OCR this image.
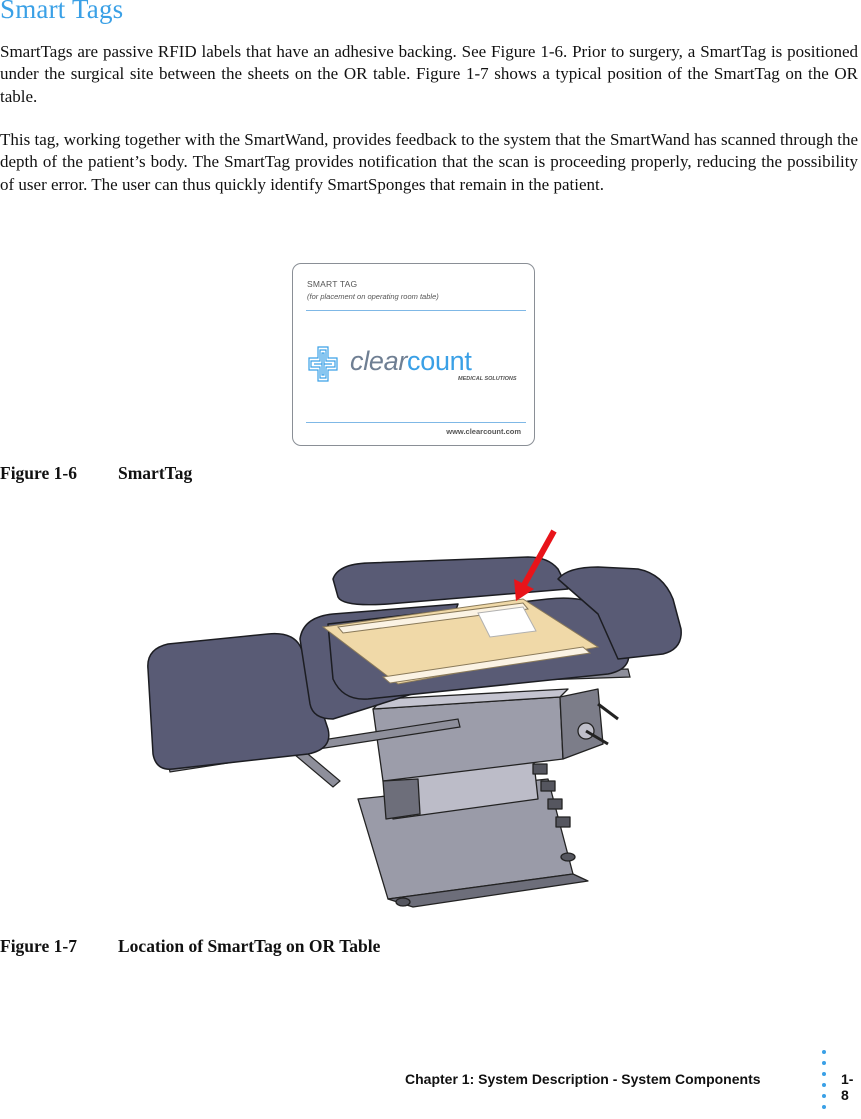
Smart Tags

SmartTags are passive RFID labels that have an adhesive backing. See Figure 1-6. Prior to surgery, a SmartTag is positioned under the surgical site between the sheets on the OR table. Figure 1-7 shows a typical position of the SmartTag on the OR table.

This tag, working together with the SmartWand, provides feedback to the system that the SmartWand has scanned through the depth of the patient’s body. The SmartTag provides notification that the scan is proceeding properly, reducing the possibility of user error. The user can thus quickly identify SmartSponges that remain in the patient.

SMART TAG
(for placement on operating room table)
clearcount
MEDICAL SOLUTIONS
www.clearcount.com
Figure 1-6 SmartTag
Figure 1-7 Location of SmartTag on OR Table
Chapter 1: System Description - System Components	1-8
